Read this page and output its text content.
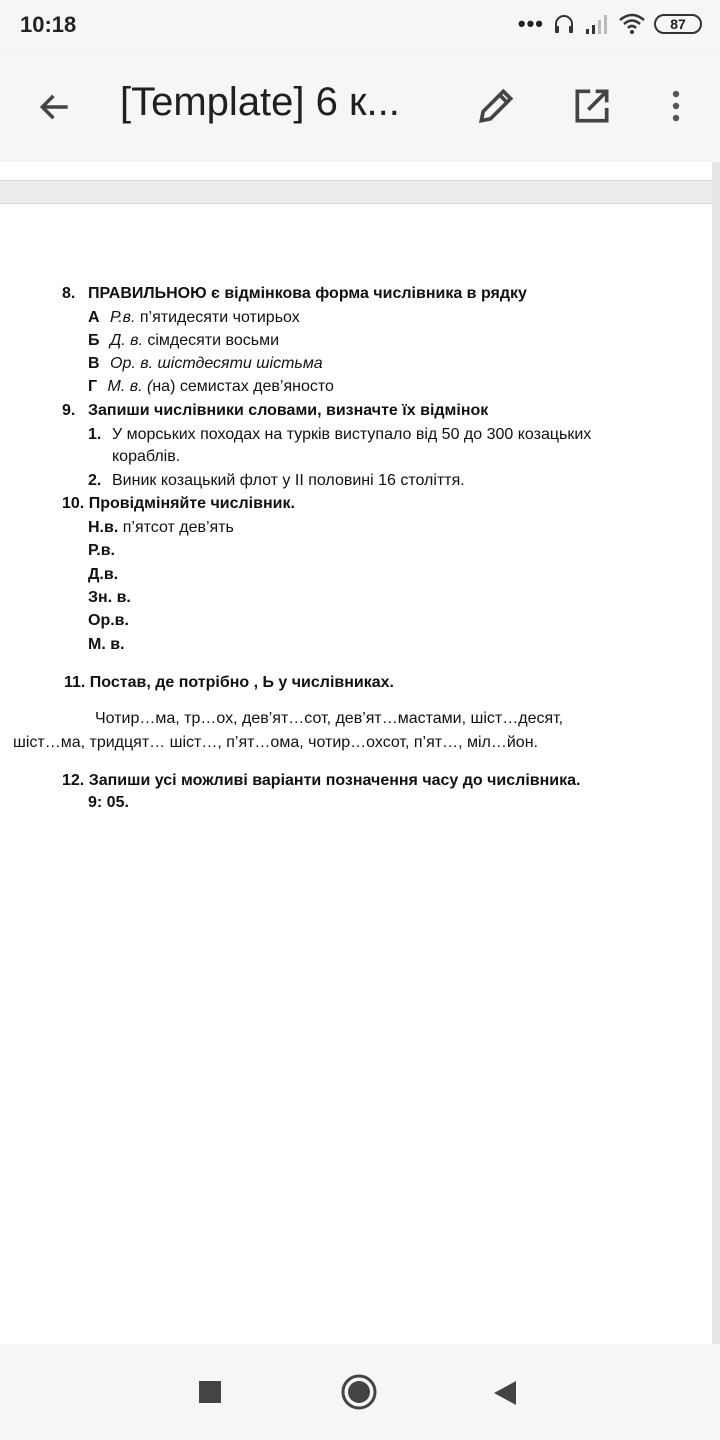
10:18	•••	87
[Template] 6 к...
8. ПРАВИЛЬНОЮ є відмінкова форма числівника в рядку
А Р.в. п’ятидесяти чотирьох
Б Д. в. сімдесяти восьми
В Ор. в. шістдесяти шістьма
Г М. в. (на) семистах дев’яносто
9. Запиши числівники словами, визначте їх відмінок
1. У морських походах на турків виступало від 50 до 300 козацьких
кораблів.
2. Виник козацький флот у ІІ половині 16 століття.
10. Провідміняйте числівник.
Н.в. п’ятсот дев’ять
Р.в.
Д.в.
Зн. в.
Ор.в.
М. в.
11. Постав, де потрібно , Ь у числівниках.
Чотир…ма, тр…ох, дев’ят…сот, дев’ят…мастами, шіст…десят,
шіст…ма, тридцят… шіст…, п’ят…ома, чотир…охсот, п’ят…, міл…йон.
12. Запиши усі можливі варіанти позначення часу до числівника.
9: 05.
